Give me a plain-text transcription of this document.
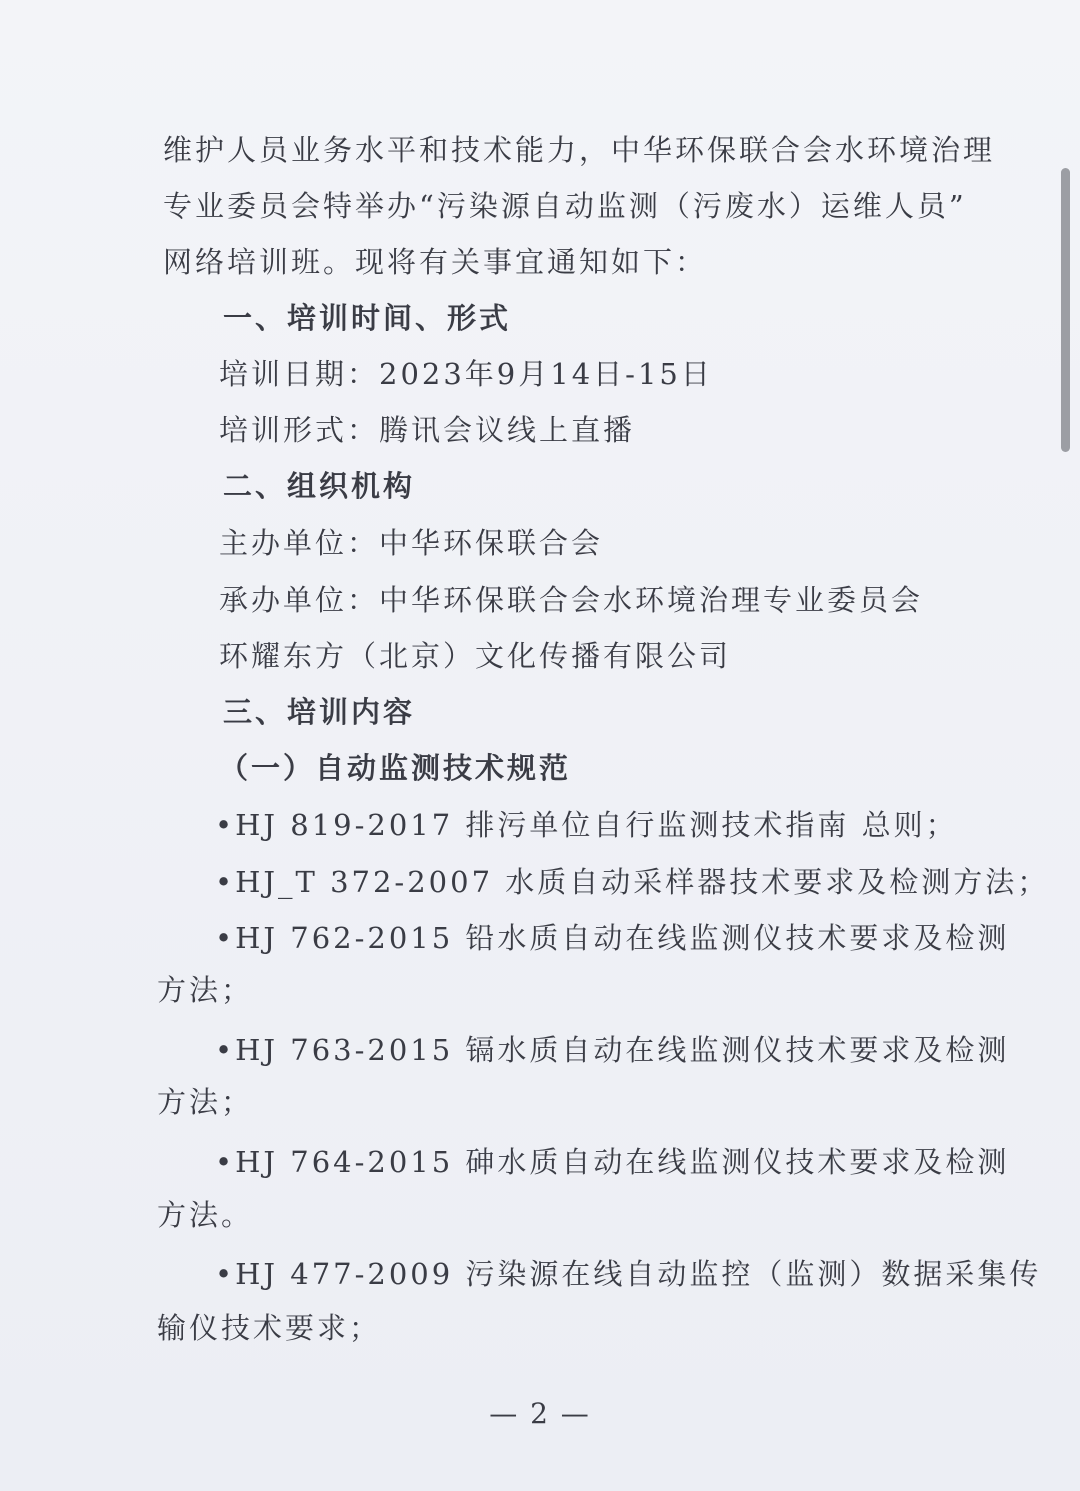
维护人员业务水平和技术能力，中华环保联合会水环境治理
专业委员会特举办“污染源自动监测（污废水）运维人员”
网络培训班。现将有关事宜通知如下：
一、培训时间、形式
培训日期：2023年9月14日-15日
培训形式：腾讯会议线上直播
二、组织机构
主办单位：中华环保联合会
承办单位：中华环保联合会水环境治理专业委员会
环耀东方（北京）文化传播有限公司
三、培训内容
（一）自动监测技术规范
•HJ 819-2017 排污单位自行监测技术指南 总则；
•HJ_T 372-2007 水质自动采样器技术要求及检测方法；
•HJ 762-2015 铅水质自动在线监测仪技术要求及检测
方法；
•HJ 763-2015 镉水质自动在线监测仪技术要求及检测
方法；
•HJ 764-2015 砷水质自动在线监测仪技术要求及检测
方法。
•HJ 477-2009 污染源在线自动监控（监测）数据采集传
输仪技术要求；
— 2 —
